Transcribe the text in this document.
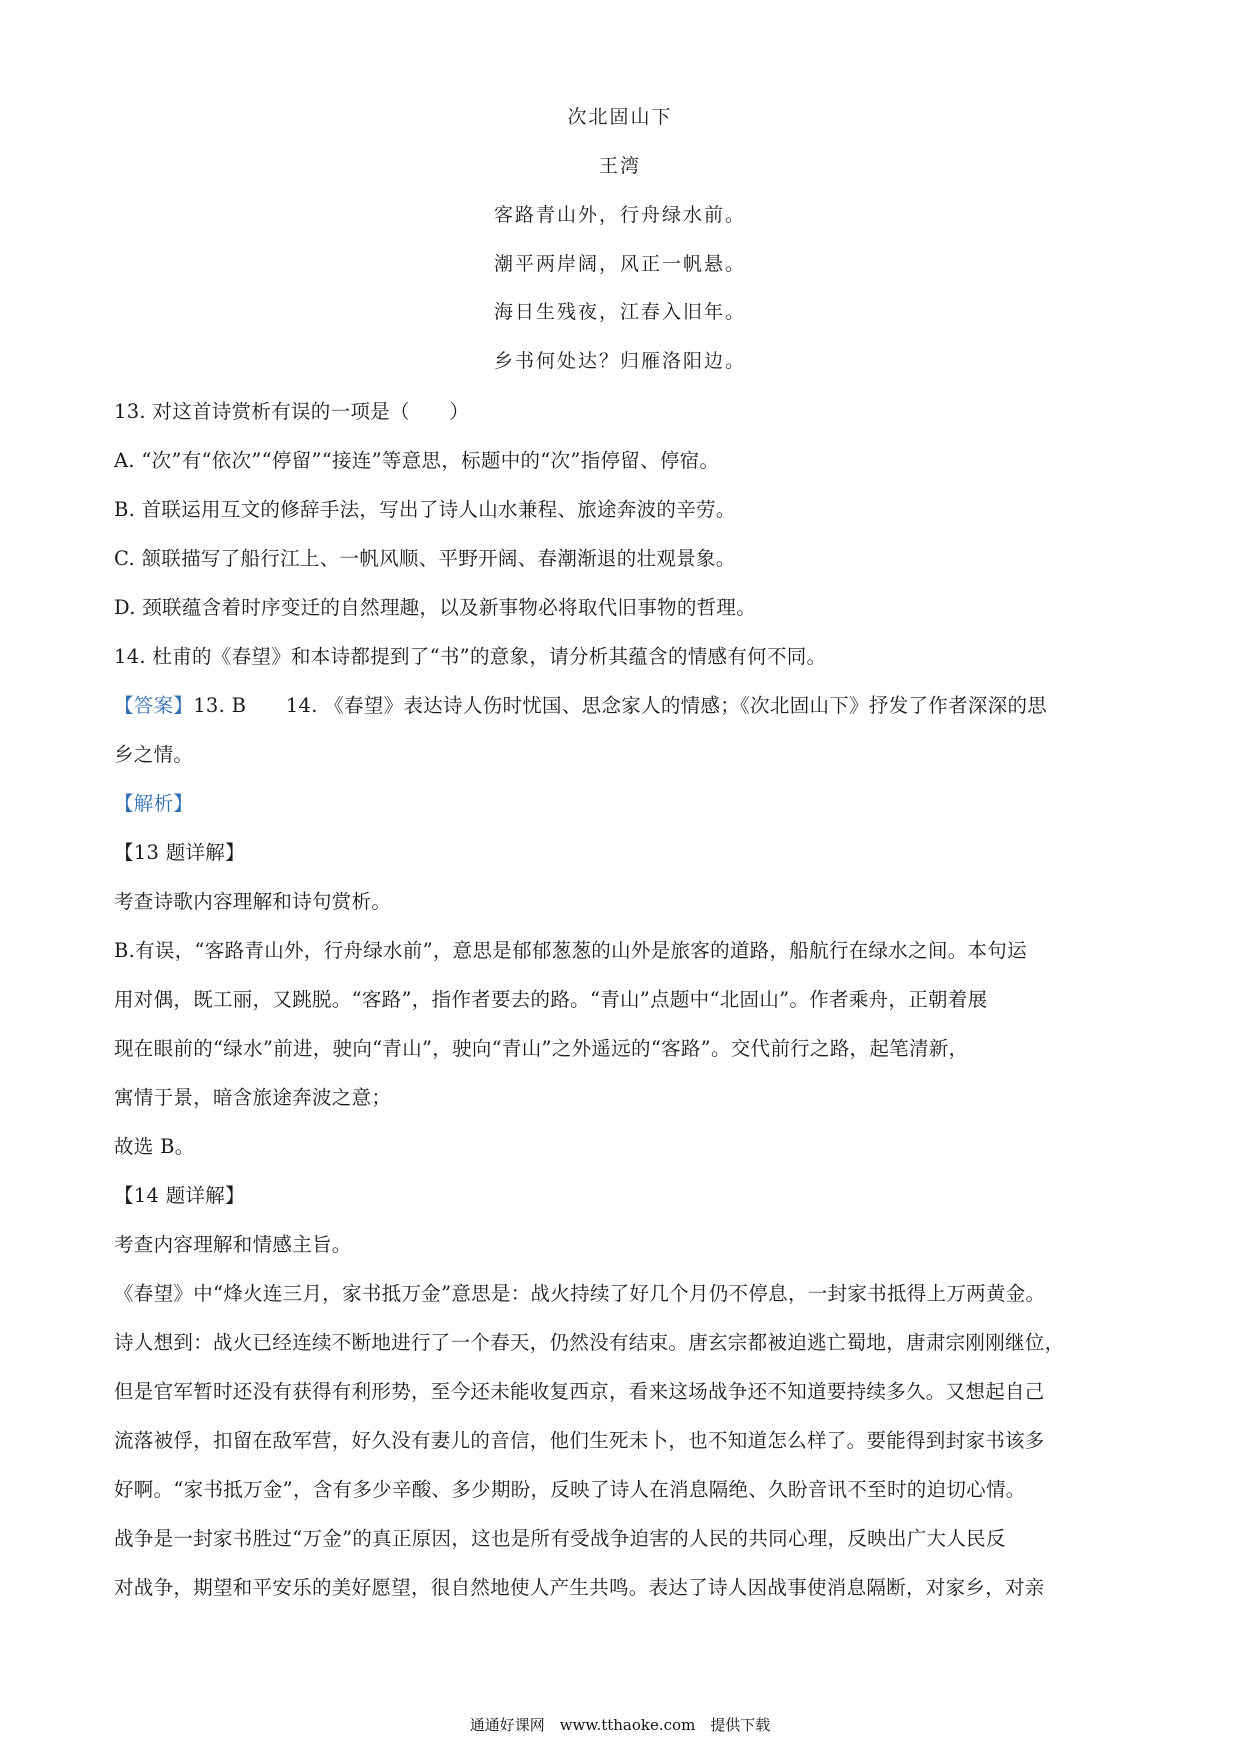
次北固山下
王湾
客路青山外，行舟绿水前。
潮平两岸阔，风正一帆悬。
海日生残夜，江春入旧年。
乡书何处达？归雁洛阳边。
13. 对这首诗赏析有误的一项是（　　）
A. “次”有“依次”“停留”“接连”等意思，标题中的“次”指停留、停宿。
B. 首联运用互文的修辞手法，写出了诗人山水兼程、旅途奔波的辛劳。
C. 颔联描写了船行江上、一帆风顺、平野开阔、春潮渐退的壮观景象。
D. 颈联蕴含着时序变迁的自然理趣，以及新事物必将取代旧事物的哲理。
14. 杜甫的《春望》和本诗都提到了“书”的意象，请分析其蕴含的情感有何不同。
【答案】13. B　　14. 《春望》表达诗人伤时忧国、思念家人的情感；《次北固山下》抒发了作者深深的思
乡之情。
【解析】
【13 题详解】
考查诗歌内容理解和诗句赏析。
B.有误，“客路青山外，行舟绿水前”，意思是郁郁葱葱的山外是旅客的道路，船航行在绿水之间。本句运
用对偶，既工丽，又跳脱。“客路”，指作者要去的路。“青山”点题中“北固山”。作者乘舟，正朝着展
现在眼前的“绿水”前进，驶向“青山”，驶向“青山”之外遥远的“客路”。交代前行之路，起笔清新，
寓情于景，暗含旅途奔波之意；
故选 B。
【14 题详解】
考查内容理解和情感主旨。
《春望》中“烽火连三月，家书抵万金”意思是：战火持续了好几个月仍不停息，一封家书抵得上万两黄金。
诗人想到：战火已经连续不断地进行了一个春天，仍然没有结束。唐玄宗都被迫逃亡蜀地，唐肃宗刚刚继位，
但是官军暂时还没有获得有利形势，至今还未能收复西京，看来这场战争还不知道要持续多久。又想起自己
流落被俘，扣留在敌军营，好久没有妻儿的音信，他们生死未卜，也不知道怎么样了。要能得到封家书该多
好啊。“家书抵万金”，含有多少辛酸、多少期盼，反映了诗人在消息隔绝、久盼音讯不至时的迫切心情。
战争是一封家书胜过“万金”的真正原因，这也是所有受战争迫害的人民的共同心理，反映出广大人民反
对战争，期望和平安乐的美好愿望，很自然地使人产生共鸣。表达了诗人因战事使消息隔断，对家乡，对亲
通通好课网　www.tthaoke.com　提供下载
